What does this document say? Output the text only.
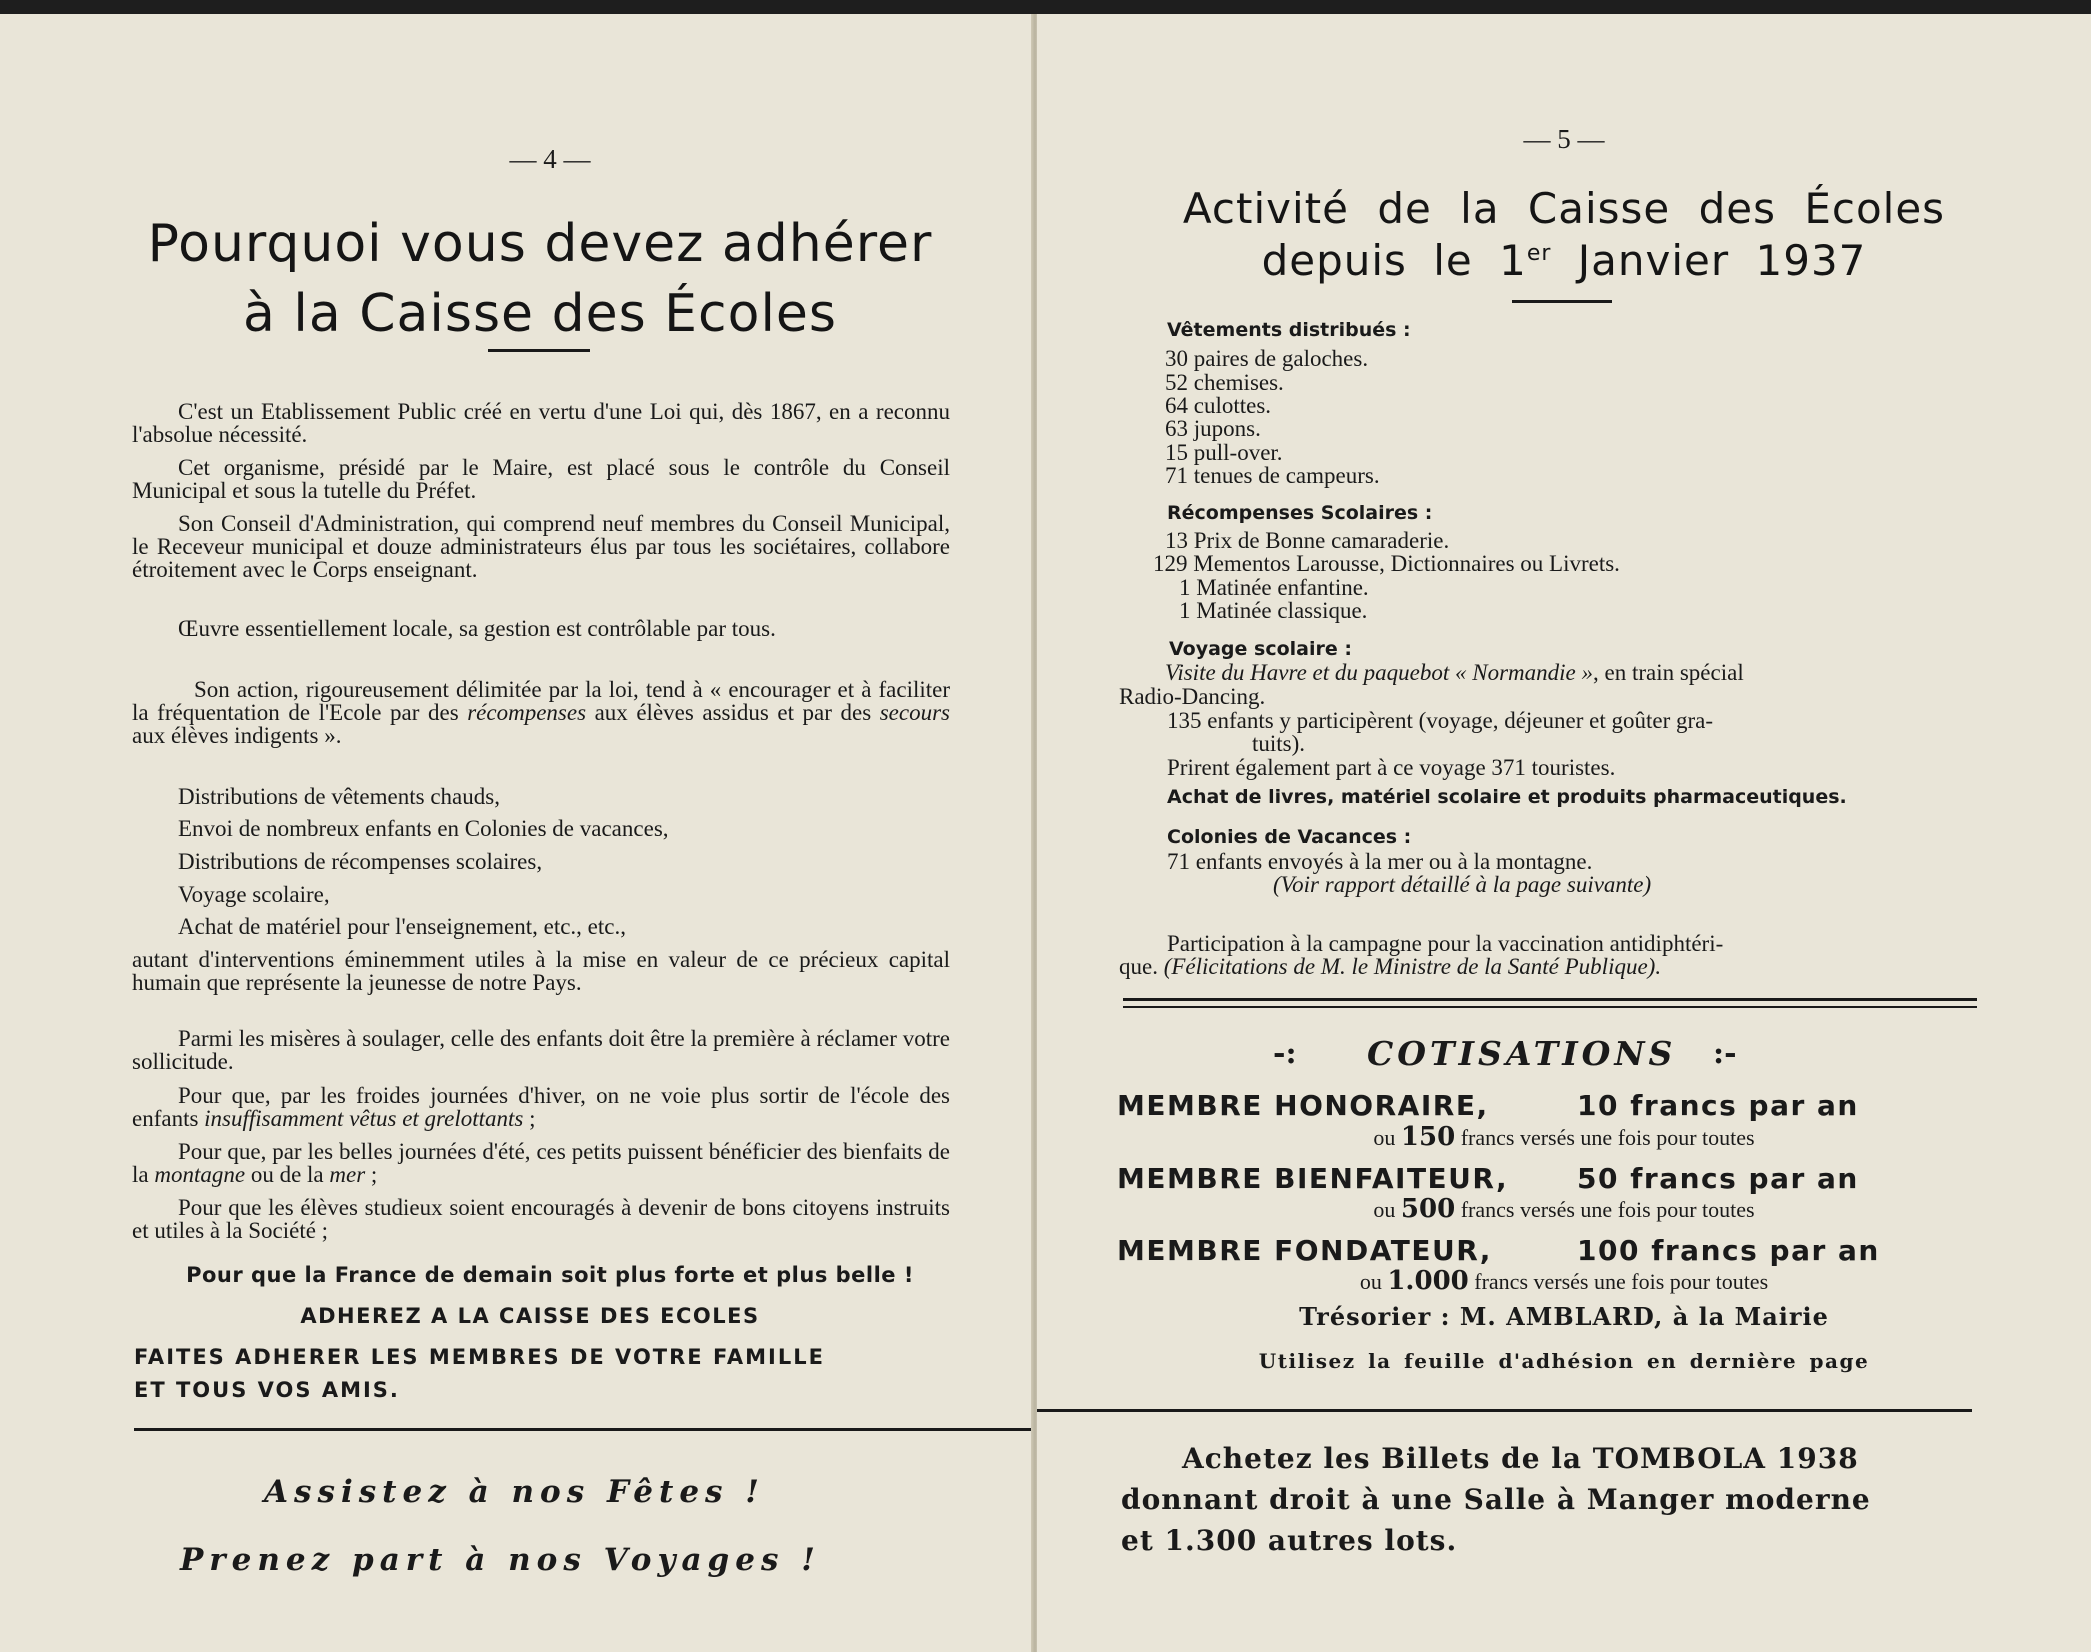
— 4 —
Pourquoi vous devez adhérer
à la Caisse des Écoles

C'est un Etablissement Public créé en vertu d'une Loi qui, dès 1867, en a reconnu l'absolue nécessité.

Cet organisme, présidé par le Maire, est placé sous le contrôle du Conseil Municipal et sous la tutelle du Préfet.

Son Conseil d'Administration, qui comprend neuf membres du Conseil Municipal, le Receveur municipal et douze administrateurs élus par tous les sociétaires, collabore étroitement avec le Corps enseignant.

Œuvre essentiellement locale, sa gestion est contrôlable par tous.

Son action, rigoureusement délimitée par la loi, tend à « encourager et à faciliter la fréquentation de l'Ecole par des récompenses aux élèves assidus et par des secours aux élèves indigents ».

Distributions de vêtements chauds,
Envoi de nombreux enfants en Colonies de vacances,
Distributions de récompenses scolaires,
Voyage scolaire,
Achat de matériel pour l'enseignement, etc., etc.,

autant d'interventions éminemment utiles à la mise en valeur de ce précieux capital humain que représente la jeunesse de notre Pays.

Parmi les misères à soulager, celle des enfants doit être la première à réclamer votre sollicitude.

Pour que, par les froides journées d'hiver, on ne voie plus sortir de l'école des enfants insuffisamment vêtus et grelottants ;

Pour que, par les belles journées d'été, ces petits puissent bénéficier des bienfaits de la montagne ou de la mer ;

Pour que les élèves studieux soient encouragés à devenir de bons citoyens instruits et utiles à la Société ;

Pour que la France de demain soit plus forte et plus belle !
ADHEREZ A LA CAISSE DES ECOLES
FAITES ADHERER LES MEMBRES DE VOTRE FAMILLE
ET TOUS VOS AMIS.
Assistez à nos Fêtes !
Prenez part à nos Voyages !
— 5 —
Activité de la Caisse des Écoles
depuis le 1er Janvier 1937
Vêtements distribués :
30 paires de galoches.
52 chemises.
64 culottes.
63 jupons.
15 pull-over.
71 tenues de campeurs.
Récompenses Scolaires :
13 Prix de Bonne camaraderie.
129 Mementos Larousse, Dictionnaires ou Livrets.
1 Matinée enfantine.
1 Matinée classique.
Voyage scolaire :
Visite du Havre et du paquebot « Normandie », en train spécial
Radio-Dancing.
135 enfants y participèrent (voyage, déjeuner et goûter gra-
tuits).
Prirent également part à ce voyage 371 touristes.
Achat de livres, matériel scolaire et produits pharmaceutiques.
Colonies de Vacances :
71 enfants envoyés à la mer ou à la montagne.
(Voir rapport détaillé à la page suivante)
Participation à la campagne pour la vaccination antidiphtéri-
que. (Félicitations de M. le Ministre de la Santé Publique).
-: COTISATIONS :-
MEMBRE HONORAIRE,	10 francs par an
ou 150 francs versés une fois pour toutes
MEMBRE BIENFAITEUR, 50 francs par an
ou 500 francs versés une fois pour toutes
MEMBRE FONDATEUR,	100 francs par an
ou 1.000 francs versés une fois pour toutes
Trésorier : M. AMBLARD, à la Mairie
Utilisez la feuille d'adhésion en dernière page
Achetez les Billets de la TOMBOLA 1938
donnant droit à une Salle à Manger moderne
et 1.300 autres lots.
